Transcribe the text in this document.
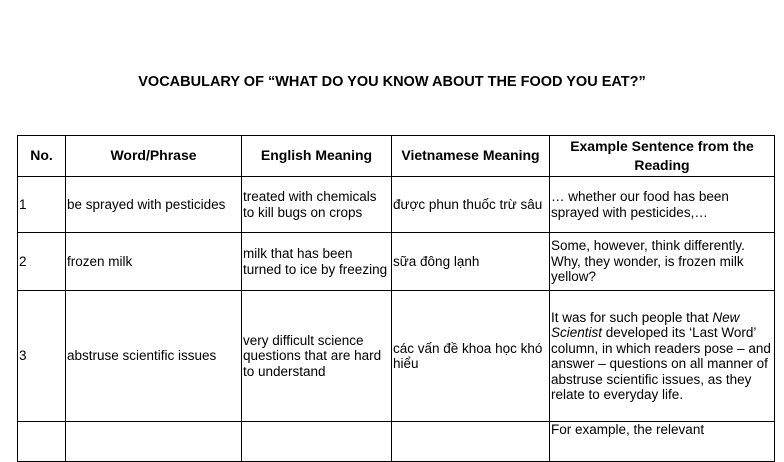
VOCABULARY OF “WHAT DO YOU KNOW ABOUT THE FOOD YOU EAT?”
No.	Word/Phrase	English Meaning	Vietnamese Meaning	Example Sentence from the Reading
1	be sprayed with pesticides	treated with chemicals to kill bugs on crops	được phun thuốc trừ sâu	… whether our food has been sprayed with pesticides,…
2	frozen milk	milk that has been turned to ice by freezing	sữa đông lạnh	Some, however, think differently. Why, they wonder, is frozen milk yellow?
3	abstruse scientific issues	very difficult science questions that are hard to understand	các vấn đề khoa học khó hiểu	It was for such people that New Scientist developed its ‘Last Word’ column, in which readers pose – and answer – questions on all manner of abstruse scientific issues, as they relate to everyday life.
				For example, the relevant
